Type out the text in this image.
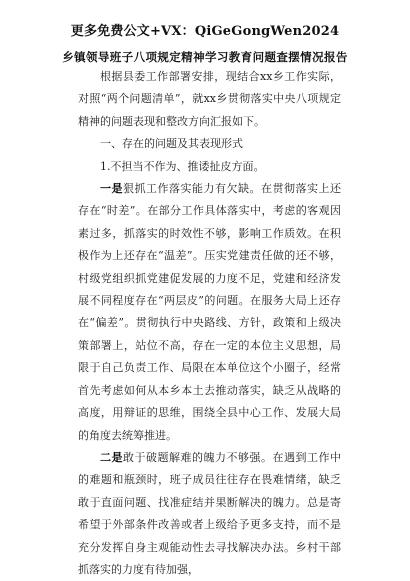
更多免费公文+VX：QiGeGongWen2024
乡镇领导班子八项规定精神学习教育问题查摆情况报告

根据县委工作部署安排，现结合xx乡工作实际，对照“两个问题清单”，就xx乡贯彻落实中央八项规定精神的问题表现和整改方向汇报如下。

一、存在的问题及其表现形式

1.不担当不作为、推诿扯皮方面。

一是狠抓工作落实能力有欠缺。在贯彻落实上还存在“时差”。在部分工作具体落实中，考虑的客观因素过多，抓落实的时效性不够，影响工作质效。在积极作为上还存在“温差”。压实党建责任做的还不够，村级党组织抓党建促发展的力度不足，党建和经济发展不同程度存在“两层皮”的问题。在服务大局上还存在“偏差”。贯彻执行中央路线、方针，政策和上级决策部署上，站位不高，存在一定的本位主义思想，局限于自己负责工作、局限在本单位这个小圈子，经常首先考虑如何从本乡本土去推动落实，缺乏从战略的高度，用辩证的思维，围绕全县中心工作、发展大局的角度去统筹推进。

二是敢于破题解难的魄力不够强。在遇到工作中的难题和瓶颈时，班子成员往往存在畏难情绪，缺乏敢于直面问题、找准症结并果断解决的魄力。总是寄希望于外部条件改善或者上级给予更多支持，而不是充分发挥自身主观能动性去寻找解决办法。乡村干部抓落实的力度有待加强，
